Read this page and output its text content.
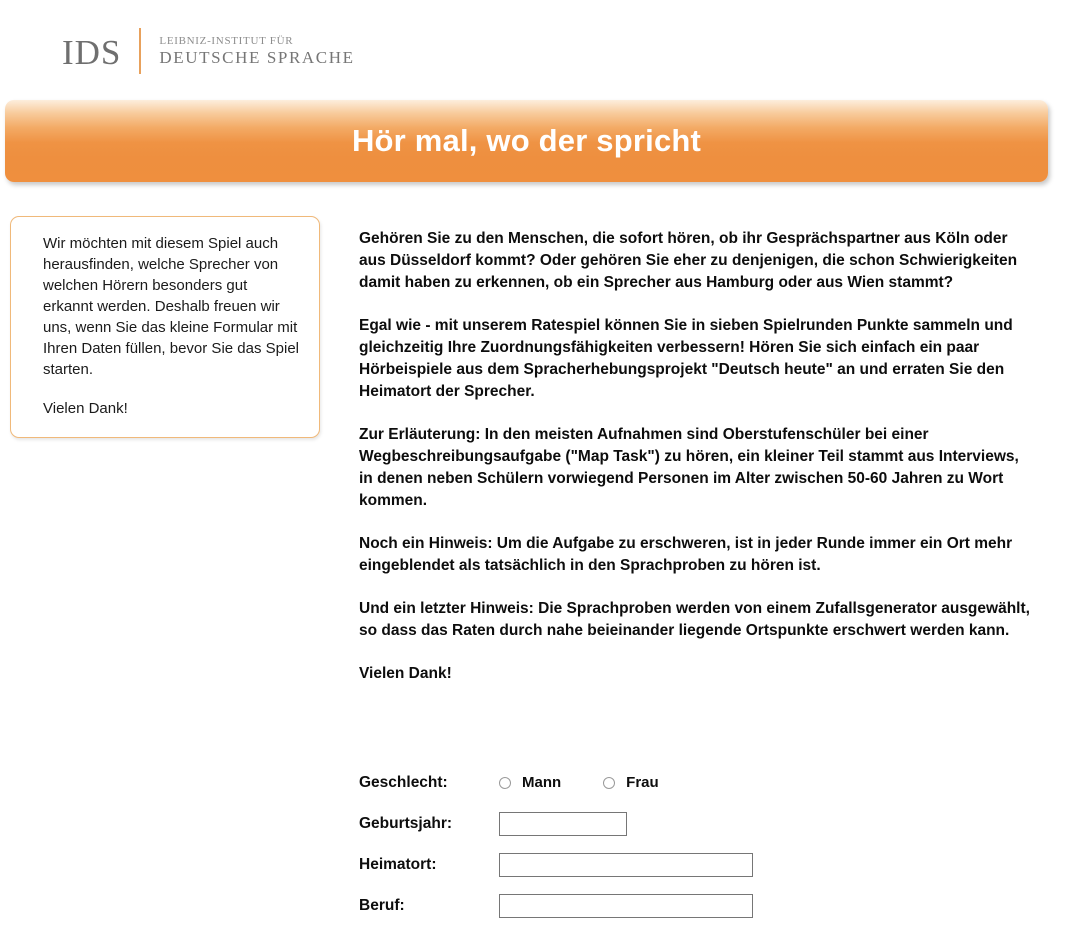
IDS	LEIBNIZ-INSTITUT FÜR
DEUTSCHE SPRACHE
Hör mal, wo der spricht

Wir möchten mit diesem Spiel auch herausfinden, welche Sprecher von welchen Hörern besonders gut erkannt werden. Deshalb freuen wir uns, wenn Sie das kleine Formular mit Ihren Daten füllen, bevor Sie das Spiel starten.

Vielen Dank!

Gehören Sie zu den Menschen, die sofort hören, ob ihr Gesprächspartner aus Köln oder aus Düsseldorf kommt? Oder gehören Sie eher zu denjenigen, die schon Schwierigkeiten damit haben zu erkennen, ob ein Sprecher aus Hamburg oder aus Wien stammt?

Egal wie - mit unserem Ratespiel können Sie in sieben Spielrunden Punkte sammeln und gleichzeitig Ihre Zuordnungsfähigkeiten verbessern! Hören Sie sich einfach ein paar Hörbeispiele aus dem Spracherhebungsprojekt "Deutsch heute" an und erraten Sie den Heimatort der Sprecher.

Zur Erläuterung: In den meisten Aufnahmen sind Oberstufenschüler bei einer Wegbeschreibungsaufgabe ("Map Task") zu hören, ein kleiner Teil stammt aus Interviews, in denen neben Schülern vorwiegend Personen im Alter zwischen 50-60 Jahren zu Wort kommen.

Noch ein Hinweis: Um die Aufgabe zu erschweren, ist in jeder Runde immer ein Ort mehr eingeblendet als tatsächlich in den Sprachproben zu hören ist.

Und ein letzter Hinweis: Die Sprachproben werden von einem Zufallsgenerator ausgewählt, so dass das Raten durch nahe beieinander liegende Ortspunkte erschwert werden kann.

Vielen Dank!

Geschlecht:	Mann	Frau
Geburtsjahr:
Heimatort:
Beruf:
